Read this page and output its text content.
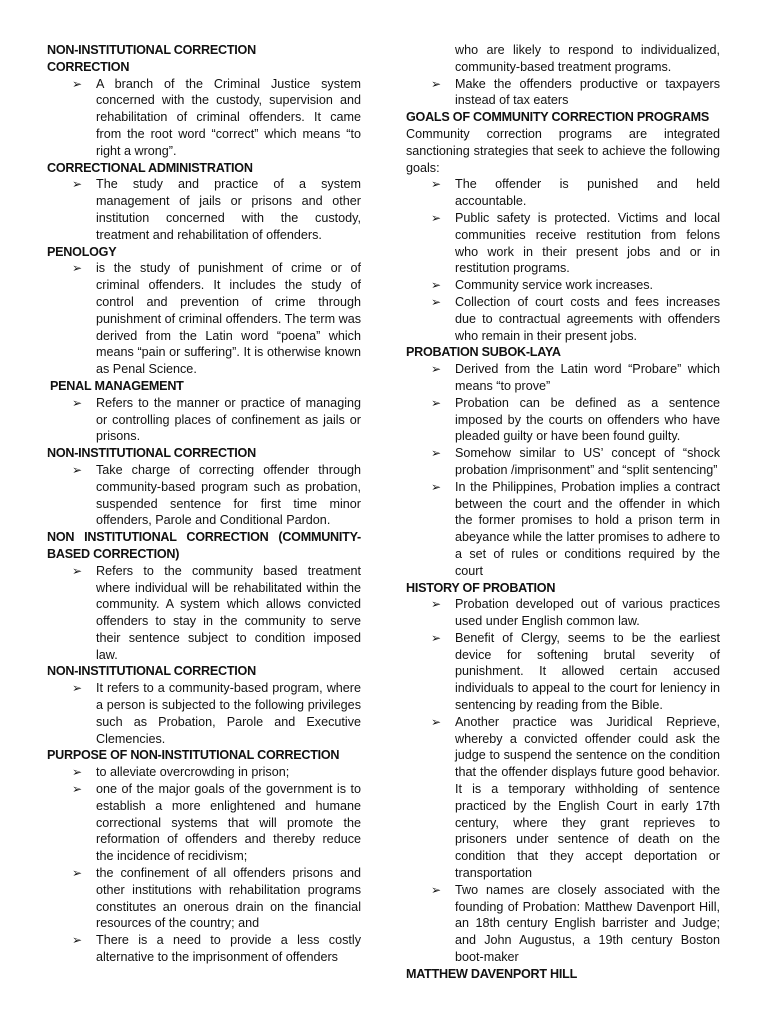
NON-INSTITUTIONAL CORRECTION

CORRECTION

➢	A branch of the Criminal Justice system concerned with the custody, supervision and rehabilitation of criminal offenders. It came from the root word “correct” which means “to right a wrong”.

CORRECTIONAL ADMINISTRATION

➢	The study and practice of a system management of jails or prisons and other institution concerned with the custody, treatment and rehabilitation of offenders.

PENOLOGY

➢	is the study of punishment of crime or of criminal offenders. It includes the study of control and prevention of crime through punishment of criminal offenders. The term was derived from the Latin word “poena” which means “pain or suffering”. It is otherwise known as Penal Science.

PENAL MANAGEMENT

➢	Refers to the manner or practice of managing or controlling places of confinement as jails or prisons.

NON-INSTITUTIONAL CORRECTION

➢	Take charge of correcting offender through community-based program such as probation, suspended sentence for first time minor offenders, Parole and Conditional Pardon.

NON INSTITUTIONAL CORRECTION (COMMUNITY-BASED CORRECTION)

➢	Refers to the community based treatment where individual will be rehabilitated within the community. A system which allows convicted offenders to stay in the community to serve their sentence subject to condition imposed law.

NON-INSTITUTIONAL CORRECTION

➢	It refers to a community-based program, where a person is subjected to the following privileges such as Probation, Parole and Executive Clemencies.

PURPOSE OF NON-INSTITUTIONAL CORRECTION

➢	to alleviate overcrowding in prison;
➢	one of the major goals of the government is to establish a more enlightened and humane correctional systems that will promote the reformation of offenders and thereby reduce the incidence of recidivism;
➢	the confinement of all offenders prisons and other institutions with rehabilitation programs constitutes an onerous drain on the financial resources of the country; and
➢	There is a need to provide a less costly alternative to the imprisonment of offenders

who are likely to respond to individualized, community-based treatment programs.

➢	Make the offenders productive or taxpayers instead of tax eaters

GOALS OF COMMUNITY CORRECTION PROGRAMS

Community correction programs are integrated sanctioning strategies that seek to achieve the following goals:

➢	The offender is punished and held accountable.
➢	Public safety is protected. Victims and local communities receive restitution from felons who work in their present jobs and or in restitution programs.
➢	Community service work increases.
➢	Collection of court costs and fees increases due to contractual agreements with offenders who remain in their present jobs.

PROBATION SUBOK-LAYA

➢	Derived from the Latin word “Probare” which means “to prove”
➢	Probation can be defined as a sentence imposed by the courts on offenders who have pleaded guilty or have been found guilty.
➢	Somehow similar to US’ concept of “shock probation /imprisonment” and “split sentencing”
➢	In the Philippines, Probation implies a contract between the court and the offender in which the former promises to hold a prison term in abeyance while the latter promises to adhere to a set of rules or conditions required by the court

HISTORY OF PROBATION

➢	Probation developed out of various practices used under English common law.
➢	Benefit of Clergy, seems to be the earliest device for softening brutal severity of punishment. It allowed certain accused individuals to appeal to the court for leniency in sentencing by reading from the Bible.
➢	Another practice was Juridical Reprieve, whereby a convicted offender could ask the judge to suspend the sentence on the condition that the offender displays future good behavior. It is a temporary withholding of sentence practiced by the English Court in early 17th century, where they grant reprieves to prisoners under sentence of death on the condition that they accept deportation or transportation
➢	Two names are closely associated with the founding of Probation: Matthew Davenport Hill, an 18th century English barrister and Judge; and John Augustus, a 19th century Boston boot-maker

MATTHEW DAVENPORT HILL
